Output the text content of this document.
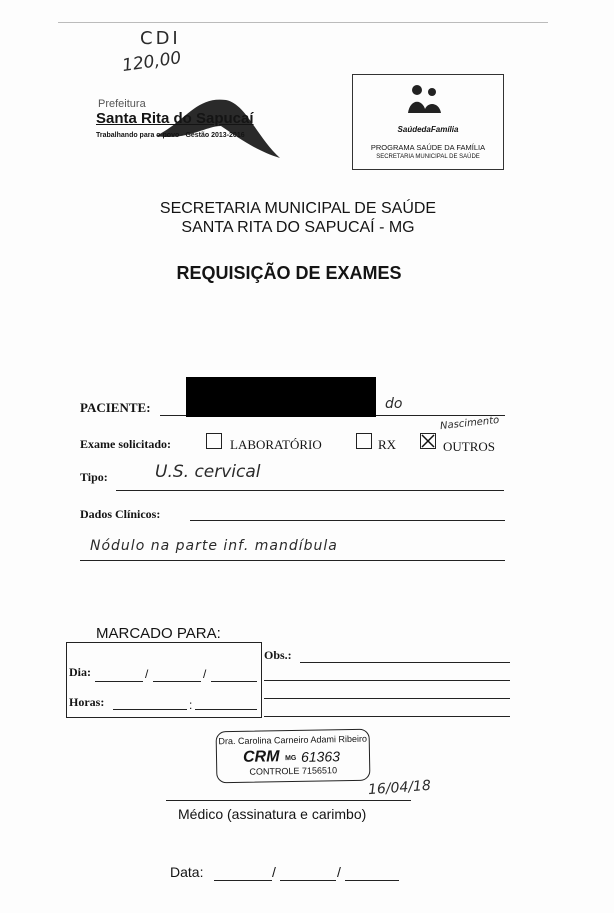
CDI
120,00
Prefeitura
Santa Rita do Sapucaí
Trabalhando para o povo - Gestão 2013-2016
SaúdedaFamília
PROGRAMA SAÚDE DA FAMÍLIA
SECRETARIA MUNICIPAL DE SAÚDE
SECRETARIA MUNICIPAL DE SAÚDE
SANTA RITA DO SAPUCAÍ - MG
REQUISIÇÃO DE EXAMES
PACIENTE:	do
Nascimento
Exame solicitado:	LABORATÓRIO	RX	OUTROS
Tipo:	U.S. cervical
Dados Clínicos:
Nódulo na parte inf. mandíbula
MARCADO PARA:
Dia:	/	/
Horas:	:
Obs.:
Dra. Carolina Carneiro Adami Ribeiro
CRM MG 61363
CONTROLE 7156510
16/04/18
Médico (assinatura e carimbo)
Data:	/	/
